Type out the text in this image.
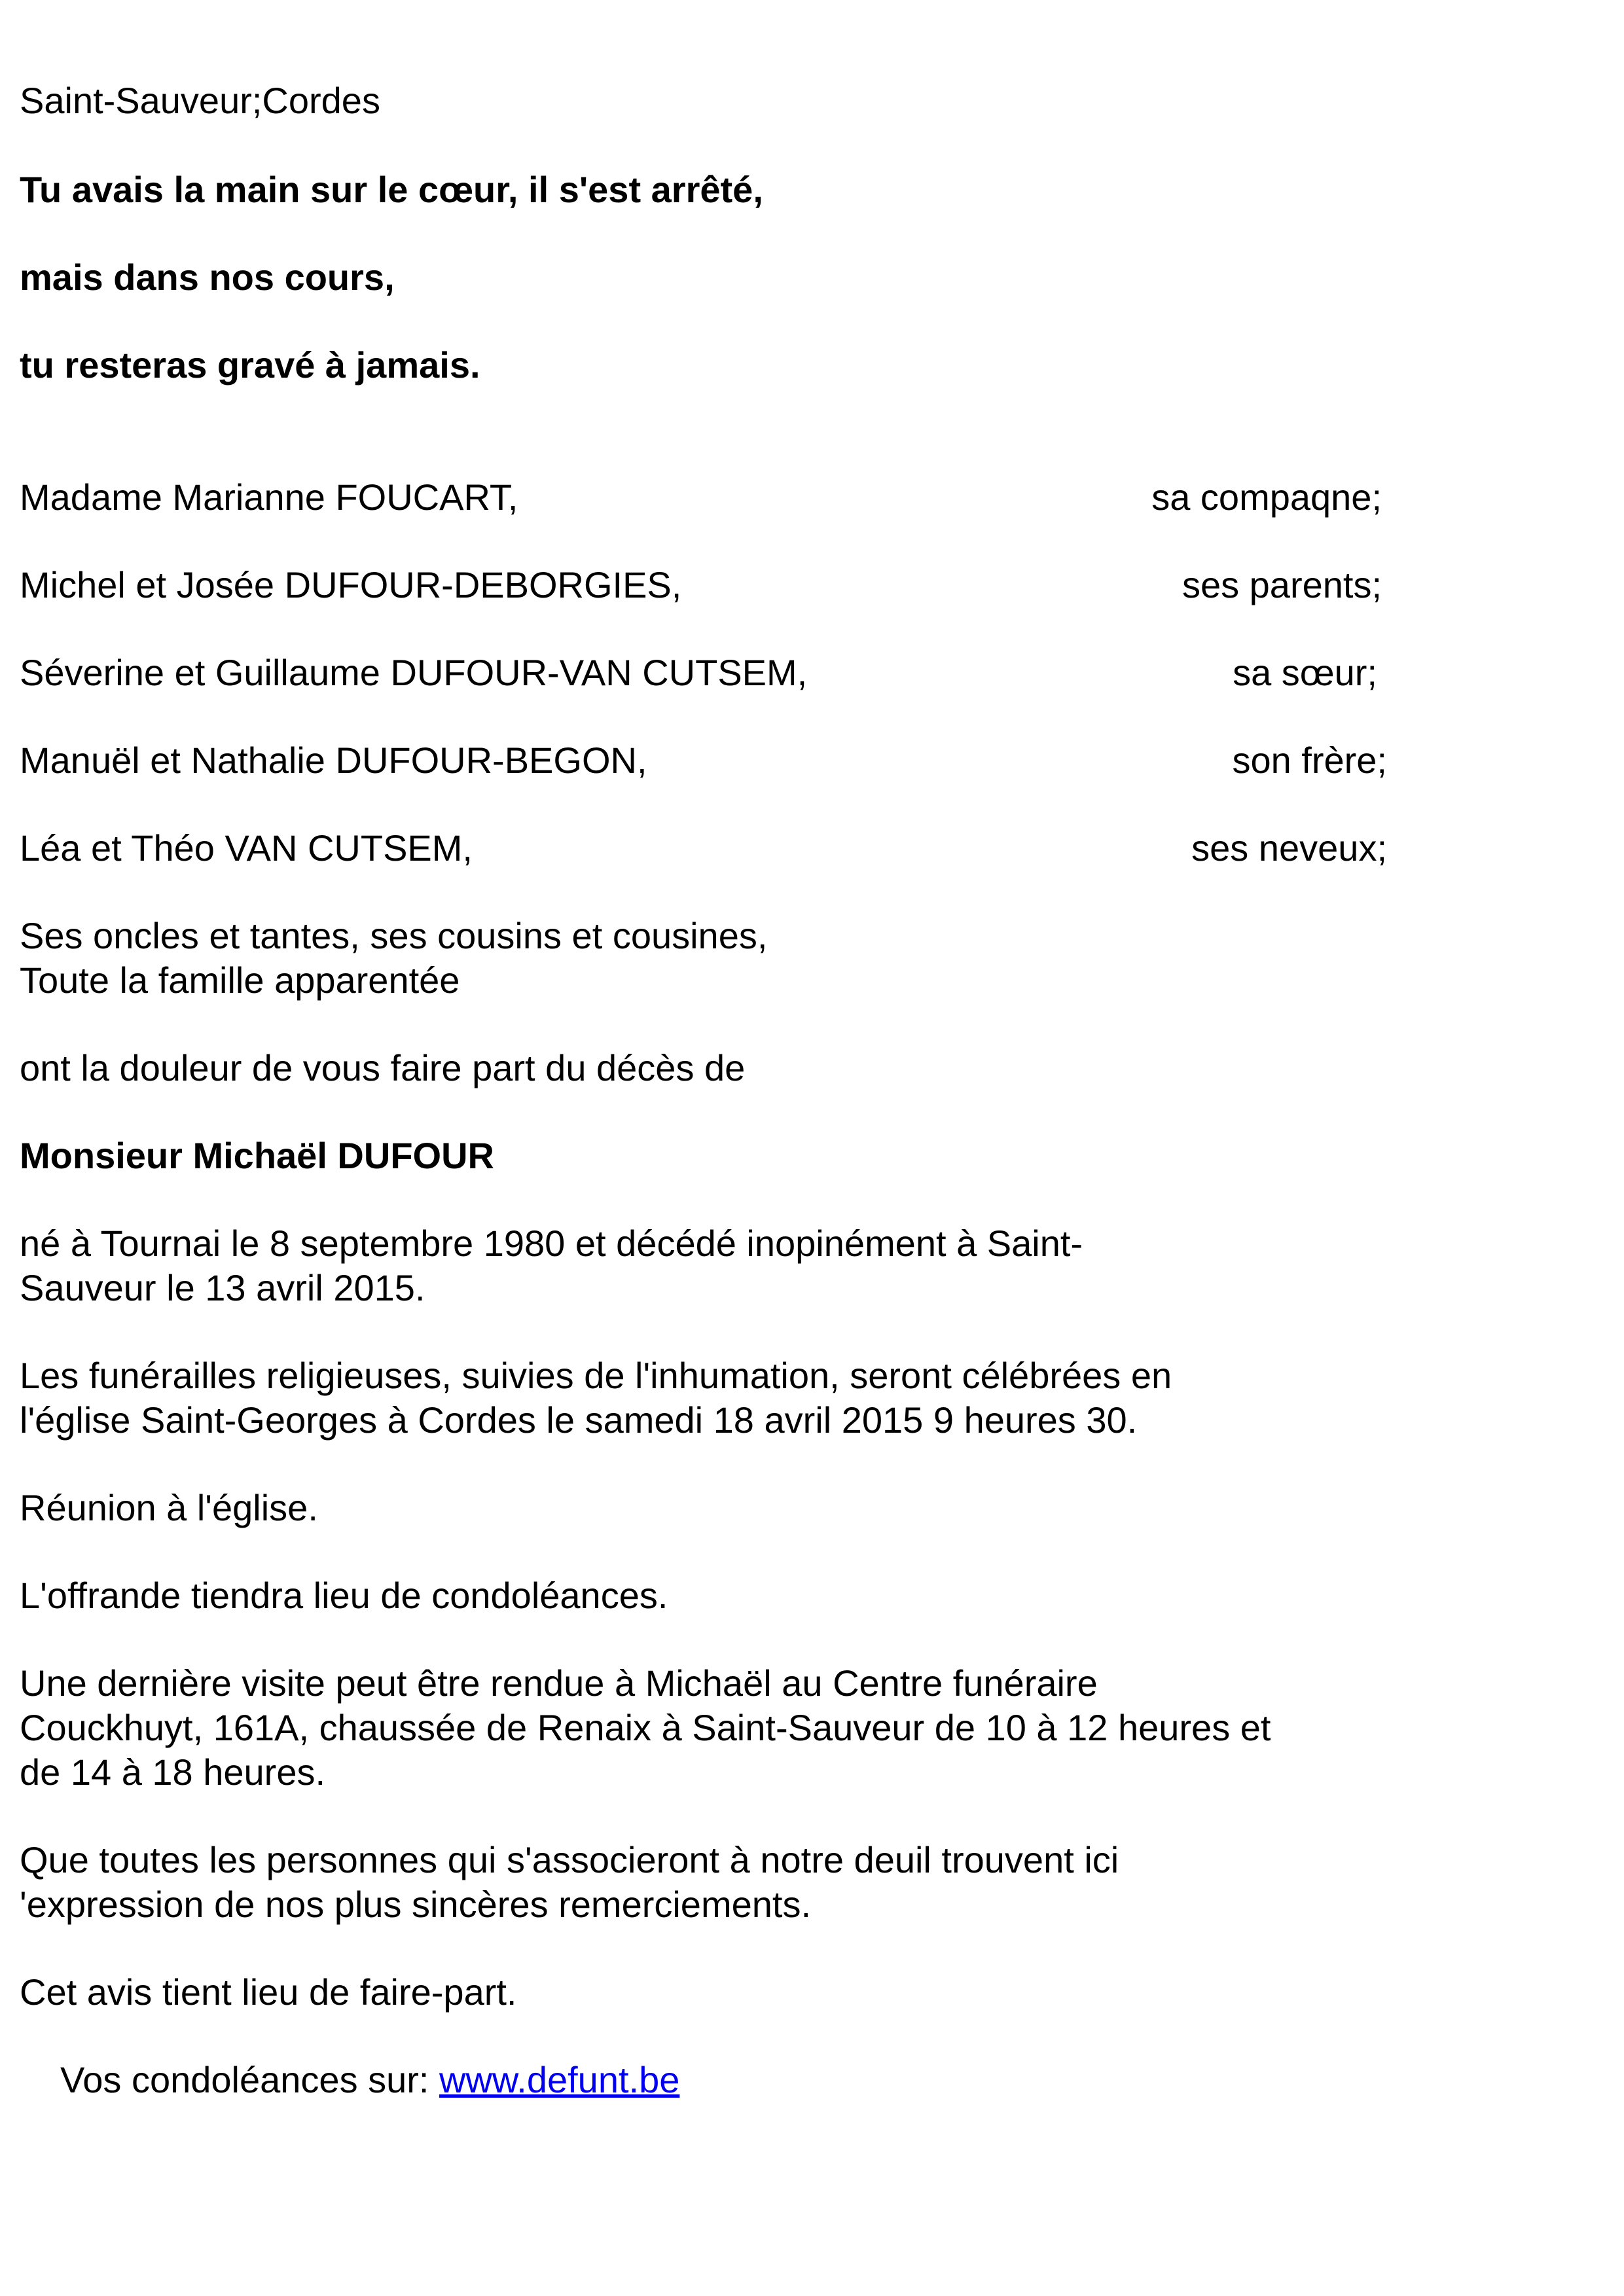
Saint-Sauveur;Cordes
Tu avais la main sur le cœur, il s'est arrêté,
mais dans nos cours,
tu resteras gravé à jamais.
Madame Marianne FOUCART,	sa compaqne;
Michel et Josée DUFOUR-DEBORGIES,	ses parents;
Séverine et Guillaume DUFOUR-VAN CUTSEM,	sa sœur;
Manuël et Nathalie DUFOUR-BEGON,	son frère;
Léa et Théo VAN CUTSEM,	ses neveux;
Ses oncles et tantes, ses cousins et cousines,
Toute la famille apparentée
ont la douleur de vous faire part du décès de
Monsieur Michaël DUFOUR
né à Tournai le 8 septembre 1980 et décédé inopinément à Saint-
Sauveur le 13 avril 2015.
Les funérailles religieuses, suivies de l'inhumation, seront célébrées en
l'église Saint-Georges à Cordes le samedi 18 avril 2015 9 heures 30.
Réunion à l'église.
L'offrande tiendra lieu de condoléances.
Une dernière visite peut être rendue à Michaël au Centre funéraire
Couckhuyt, 161A, chaussée de Renaix à Saint-Sauveur de 10 à 12 heures et
de 14 à 18 heures.
Que toutes les personnes qui s'associeront à notre deuil trouvent ici
'expression de nos plus sincères remerciements.
Cet avis tient lieu de faire-part.
Vos condoléances sur: www.defunt.be
